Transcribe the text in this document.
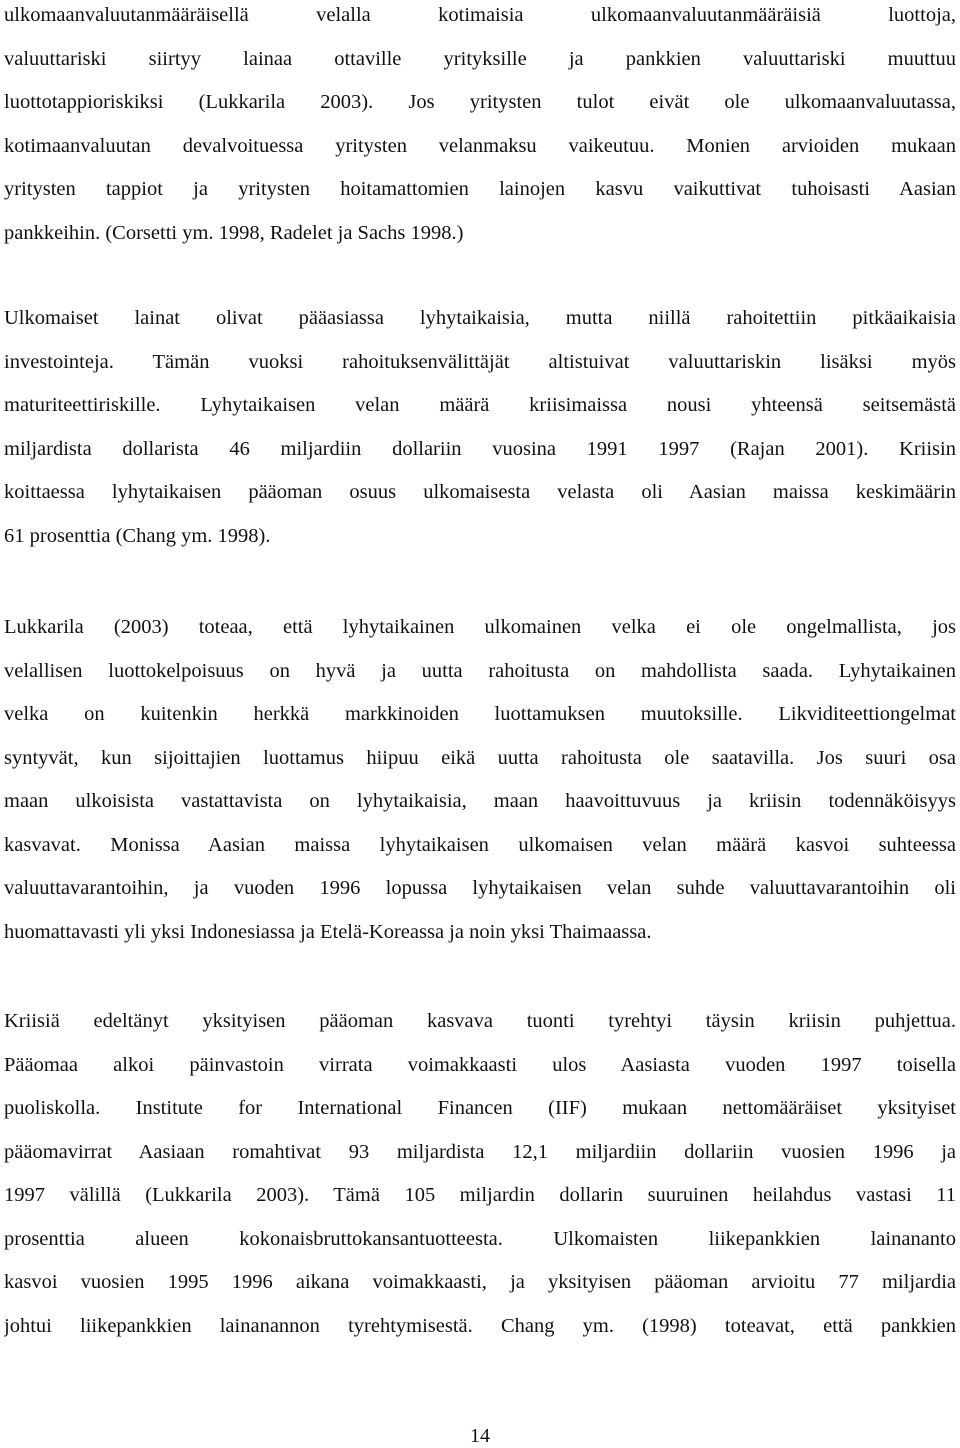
ulkomaanvaluutanmääräisellä velalla kotimaisia ulkomaanvaluutanmääräisiä luottoja,
valuuttariski siirtyy lainaa ottaville yrityksille ja pankkien valuuttariski muuttuu
luottotappioriskiksi (Lukkarila 2003). Jos yritysten tulot eivät ole ulkomaanvaluutassa,
kotimaanvaluutan devalvoituessa yritysten velanmaksu vaikeutuu. Monien arvioiden mukaan
yritysten tappiot ja yritysten hoitamattomien lainojen kasvu vaikuttivat tuhoisasti Aasian
pankkeihin. (Corsetti ym. 1998, Radelet ja Sachs 1998.)

Ulkomaiset lainat olivat pääasiassa lyhytaikaisia, mutta niillä rahoitettiin pitkäaikaisia
investointeja. Tämän vuoksi rahoituksenvälittäjät altistuivat valuuttariskin lisäksi myös
maturiteettiriskille. Lyhytaikaisen velan määrä kriisimaissa nousi yhteensä seitsemästä
miljardista dollarista 46 miljardiin dollariin vuosina 1991 1997 (Rajan 2001). Kriisin
koittaessa lyhytaikaisen pääoman osuus ulkomaisesta velasta oli Aasian maissa keskimäärin
61 prosenttia (Chang ym. 1998).

Lukkarila (2003) toteaa, että lyhytaikainen ulkomainen velka ei ole ongelmallista, jos
velallisen luottokelpoisuus on hyvä ja uutta rahoitusta on mahdollista saada. Lyhytaikainen
velka on kuitenkin herkkä markkinoiden luottamuksen muutoksille. Likviditeettiongelmat
syntyvät, kun sijoittajien luottamus hiipuu eikä uutta rahoitusta ole saatavilla. Jos suuri osa
maan ulkoisista vastattavista on lyhytaikaisia, maan haavoittuvuus ja kriisin todennäköisyys
kasvavat. Monissa Aasian maissa lyhytaikaisen ulkomaisen velan määrä kasvoi suhteessa
valuuttavarantoihin, ja vuoden 1996 lopussa lyhytaikaisen velan suhde valuuttavarantoihin oli
huomattavasti yli yksi Indonesiassa ja Etelä-Koreassa ja noin yksi Thaimaassa.

Kriisiä edeltänyt yksityisen pääoman kasvava tuonti tyrehtyi täysin kriisin puhjettua.
Pääomaa alkoi päinvastoin virrata voimakkaasti ulos Aasiasta vuoden 1997 toisella
puoliskolla. Institute for International Financen (IIF) mukaan nettomääräiset yksityiset
pääomavirrat Aasiaan romahtivat 93 miljardista 12,1 miljardiin dollariin vuosien 1996 ja
1997 välillä (Lukkarila 2003). Tämä 105 miljardin dollarin suuruinen heilahdus vastasi 11
prosenttia alueen kokonaisbruttokansantuotteesta. Ulkomaisten liikepankkien lainananto
kasvoi vuosien 1995 1996 aikana voimakkaasti, ja yksityisen pääoman arvioitu 77 miljardia
johtui liikepankkien lainanannon tyrehtymisestä. Chang ym. (1998) toteavat, että pankkien

14
